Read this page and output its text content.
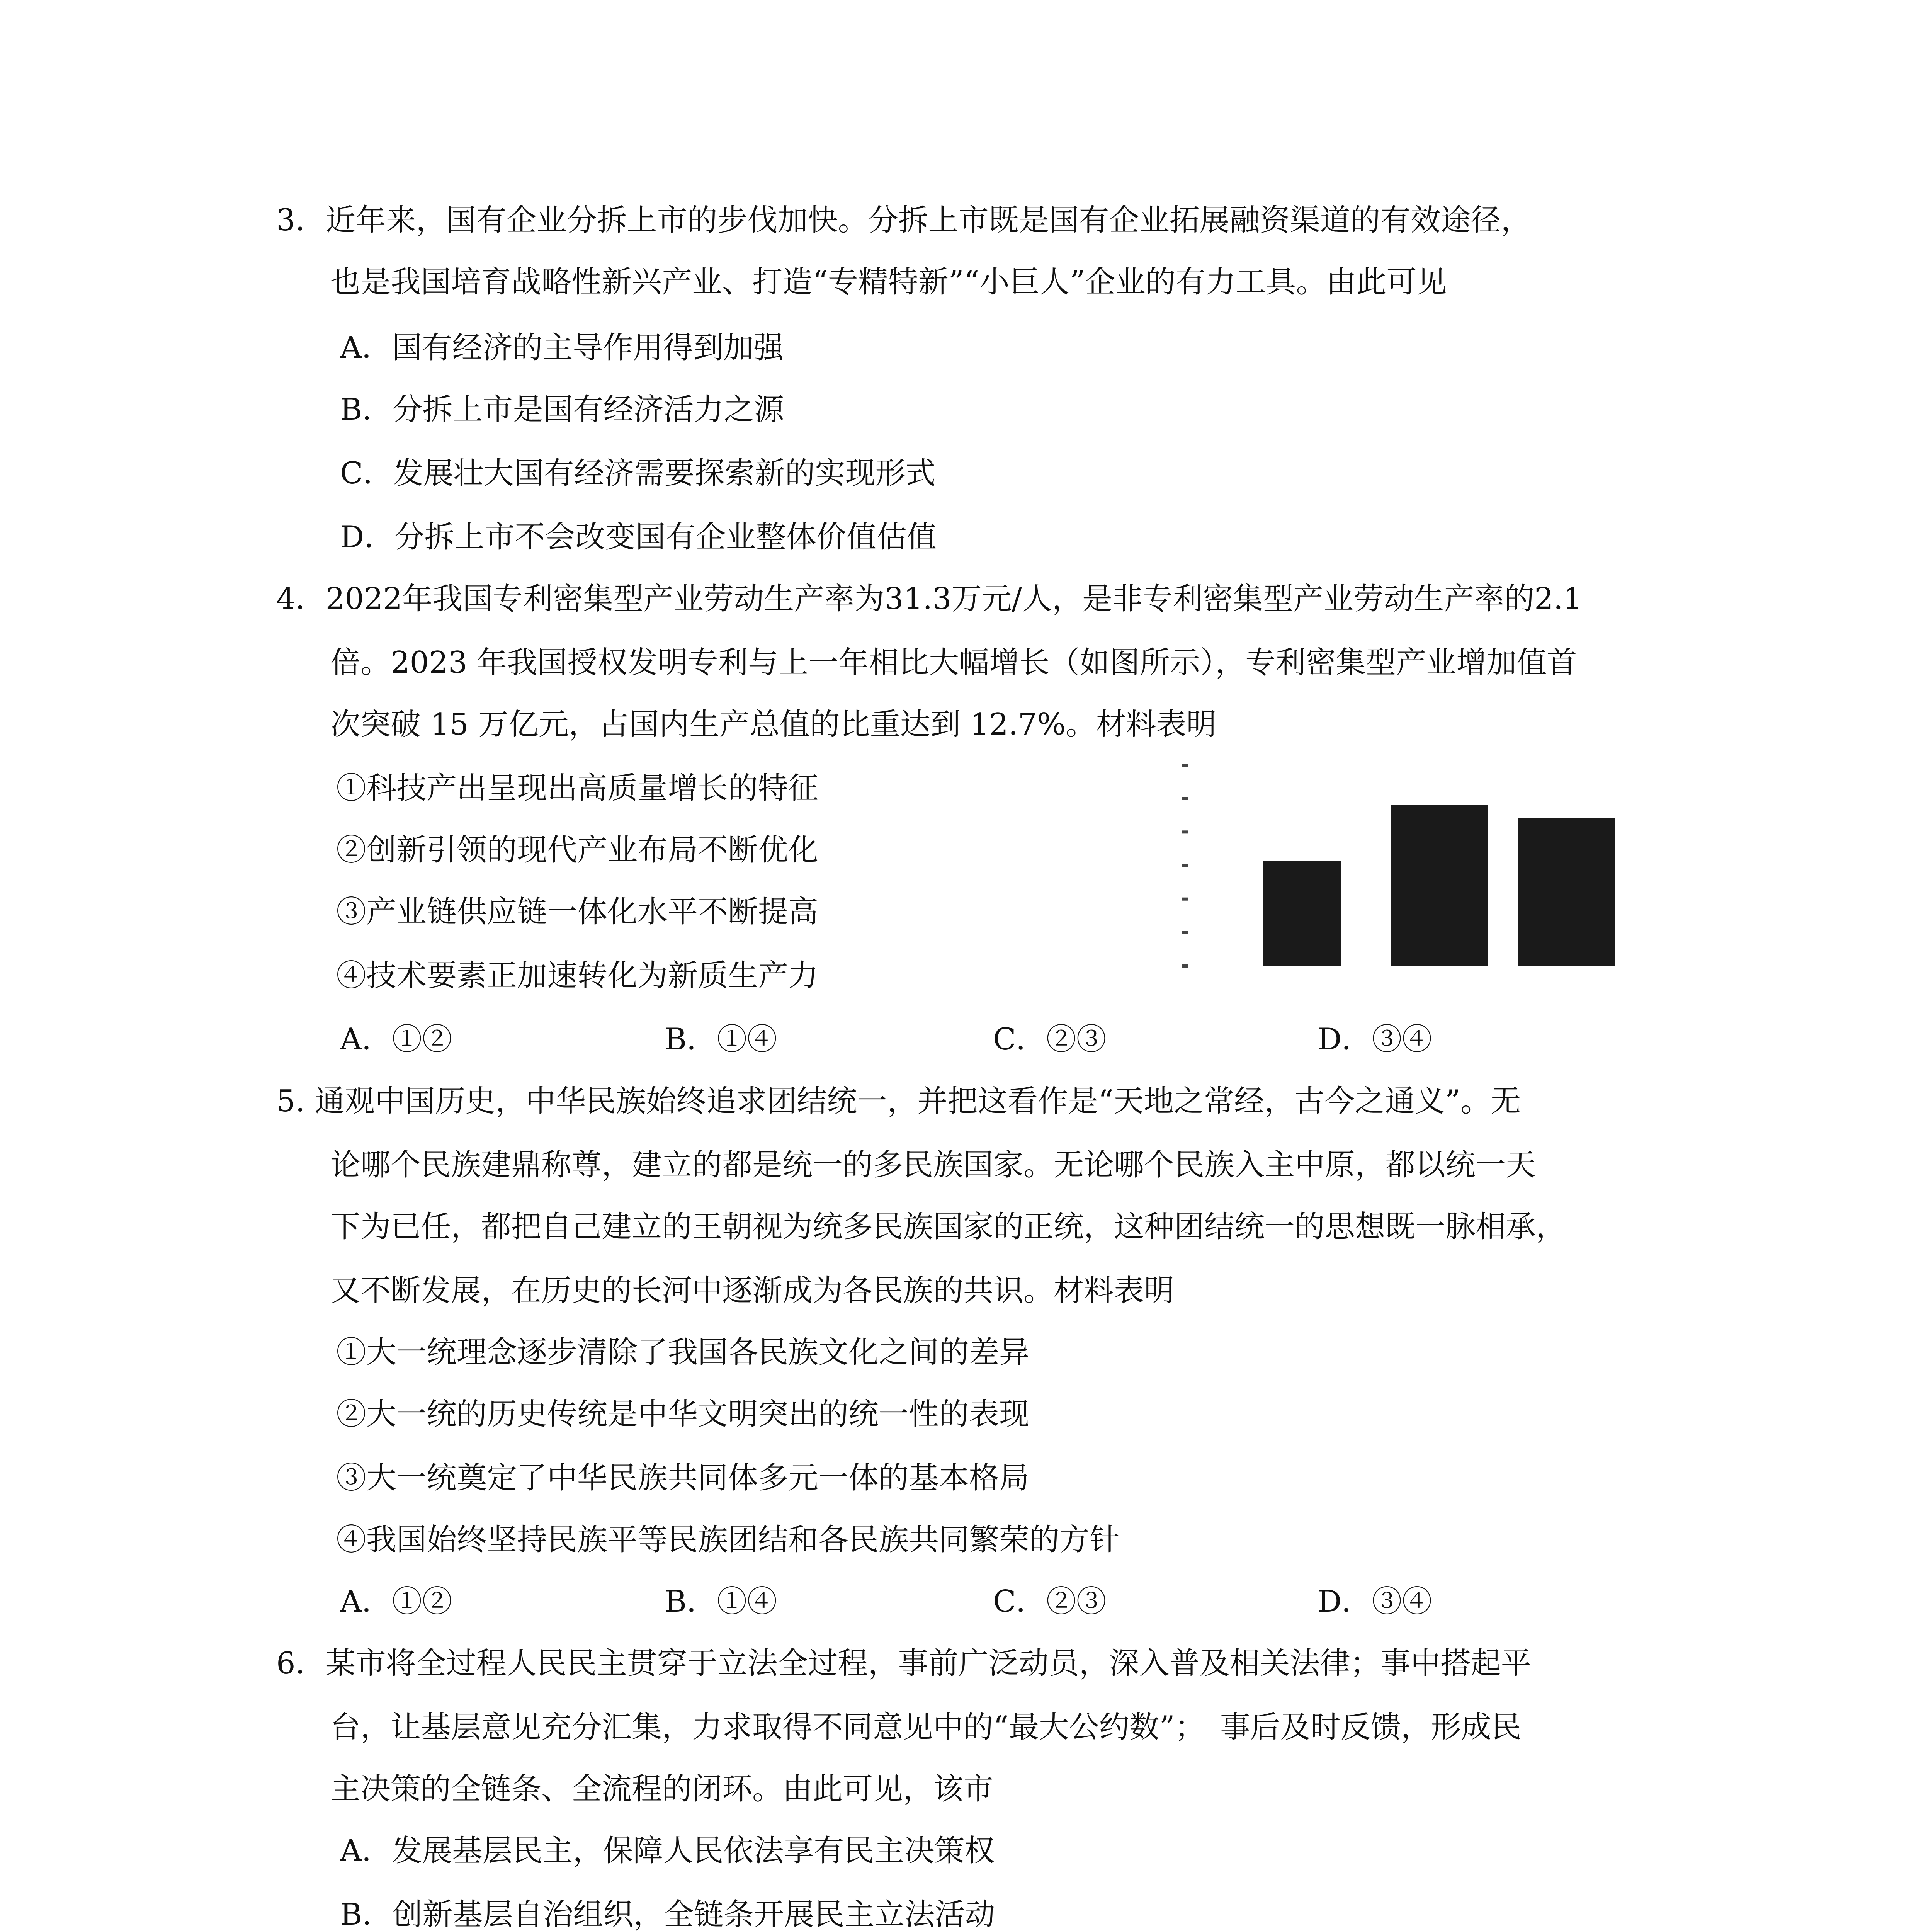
3．近年来，国有企业分拆上市的步伐加快。分拆上市既是国有企业拓展融资渠道的有效途径，
也是我国培育战略性新兴产业、打造“专精特新”“小巨人”企业的有力工具。由此可见
A．国有经济的主导作用得到加强
B．分拆上市是国有经济活力之源
C．发展壮大国有经济需要探索新的实现形式
D．分拆上市不会改变国有企业整体价值估值
4．2022年我国专利密集型产业劳动生产率为31.3万元/人，是非专利密集型产业劳动生产率的2.1
倍。2023 年我国授权发明专利与上一年相比大幅增长（如图所示），专利密集型产业增加值首
次突破 15 万亿元，占国内生产总值的比重达到 12.7%。材料表明
①科技产出呈现出高质量增长的特征
②创新引领的现代产业布局不断优化
③产业链供应链一体化水平不断提高
④技术要素正加速转化为新质生产力
A．①②	B．①④	C．②③	D．③④
5. 通观中国历史，中华民族始终追求团结统一，并把这看作是“天地之常经，古今之通义”。无
论哪个民族建鼎称尊，建立的都是统一的多民族国家。无论哪个民族入主中原，都以统一天
下为已任，都把自己建立的王朝视为统多民族国家的正统，这种团结统一的思想既一脉相承，
又不断发展，在历史的长河中逐渐成为各民族的共识。材料表明
①大一统理念逐步清除了我国各民族文化之间的差异
②大一统的历史传统是中华文明突出的统一性的表现
③大一统奠定了中华民族共同体多元一体的基本格局
④我国始终坚持民族平等民族团结和各民族共同繁荣的方针
A．①②	B．①④	C．②③	D．③④
6．某市将全过程人民民主贯穿于立法全过程，事前广泛动员，深入普及相关法律；事中搭起平
台，让基层意见充分汇集，力求取得不同意见中的“最大公约数”；　事后及时反馈，形成民
主决策的全链条、全流程的闭环。由此可见，该市
A．发展基层民主，保障人民依法享有民主决策权
B．创新基层自治组织，全链条开展民主立法活动
